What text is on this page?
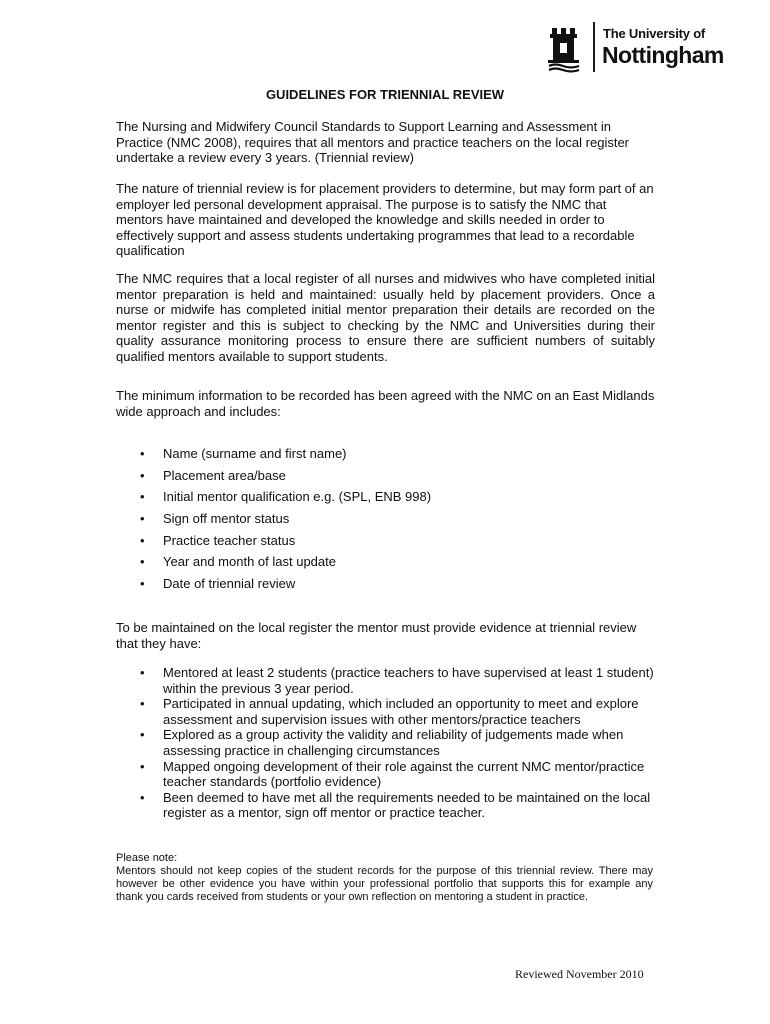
The University of
Nottingham
GUIDELINES FOR TRIENNIAL REVIEW
The Nursing and Midwifery Council Standards to Support Learning and Assessment in Practice (NMC 2008), requires that all mentors and practice teachers on the local register undertake a review every 3 years. (Triennial review)
The nature of triennial review is for placement providers to determine, but may form part of an employer led personal development appraisal. The purpose is to satisfy the NMC that mentors have maintained and developed the knowledge and skills needed in order to effectively support and assess students undertaking programmes that lead to a recordable qualification
The NMC requires that a local register of all nurses and midwives who have completed initial mentor preparation is held and maintained: usually held by placement providers. Once a nurse or midwife has completed initial mentor preparation their details are recorded on the mentor register and this is subject to checking by the NMC and Universities during their quality assurance monitoring process to ensure there are sufficient numbers of suitably qualified mentors available to support students.
The minimum information to be recorded has been agreed with the NMC on an East Midlands wide approach and includes:
• Name (surname and first name)
• Placement area/base
• Initial mentor qualification e.g. (SPL, ENB 998)
• Sign off mentor status
• Practice teacher status
• Year and month of last update
• Date of triennial review
To be maintained on the local register the mentor must provide evidence at triennial review that they have:
• Mentored at least 2 students (practice teachers to have supervised at least 1 student) within the previous 3 year period.
• Participated in annual updating, which included an opportunity to meet and explore assessment and supervision issues with other mentors/practice teachers
• Explored as a group activity the validity and reliability of judgements made when assessing practice in challenging circumstances
• Mapped ongoing development of their role against the current NMC mentor/practice teacher standards (portfolio evidence)
• Been deemed to have met all the requirements needed to be maintained on the local register as a mentor, sign off mentor or practice teacher.
Please note:
Mentors should not keep copies of the student records for the purpose of this triennial review. There may however be other evidence you have within your professional portfolio that supports this for example any thank you cards received from students or your own reflection on mentoring a student in practice.
Reviewed November 2010
